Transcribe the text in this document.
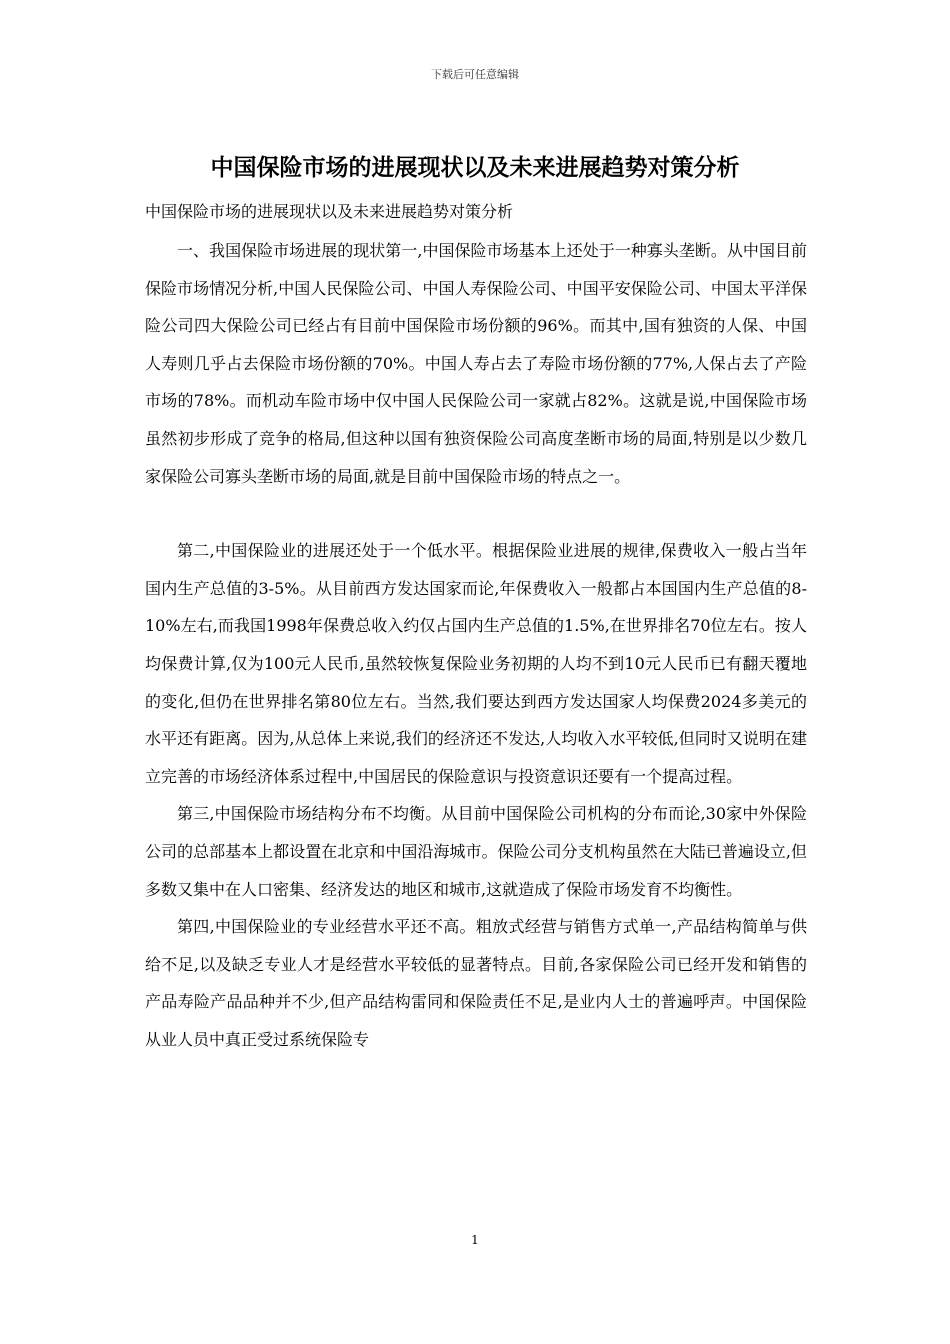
下载后可任意编辑
中国保险市场的进展现状以及未来进展趋势对策分析

中国保险市场的进展现状以及未来进展趋势对策分析

一、我国保险市场进展的现状第一,中国保险市场基本上还处于一种寡头垄断。从中国目前保险市场情况分析,中国人民保险公司、中国人寿保险公司、中国平安保险公司、中国太平洋保险公司四大保险公司已经占有目前中国保险市场份额的96%。而其中,国有独资的人保、中国人寿则几乎占去保险市场份额的70%。中国人寿占去了寿险市场份额的77%,人保占去了产险市场的78%。而机动车险市场中仅中国人民保险公司一家就占82%。这就是说,中国保险市场虽然初步形成了竞争的格局,但这种以国有独资保险公司高度垄断市场的局面,特别是以少数几家保险公司寡头垄断市场的局面,就是目前中国保险市场的特点之一。

第二,中国保险业的进展还处于一个低水平。根据保险业进展的规律,保费收入一般占当年国内生产总值的3-5%。从目前西方发达国家而论,年保费收入一般都占本国国内生产总值的8-10%左右,而我国1998年保费总收入约仅占国内生产总值的1.5%,在世界排名70位左右。按人均保费计算,仅为100元人民币,虽然较恢复保险业务初期的人均不到10元人民币已有翻天覆地的变化,但仍在世界排名第80位左右。当然,我们要达到西方发达国家人均保费2024多美元的水平还有距离。因为,从总体上来说,我们的经济还不发达,人均收入水平较低,但同时又说明在建立完善的市场经济体系过程中,中国居民的保险意识与投资意识还要有一个提高过程。

第三,中国保险市场结构分布不均衡。从目前中国保险公司机构的分布而论,30家中外保险公司的总部基本上都设置在北京和中国沿海城市。保险公司分支机构虽然在大陆已普遍设立,但多数又集中在人口密集、经济发达的地区和城市,这就造成了保险市场发育不均衡性。

第四,中国保险业的专业经营水平还不高。粗放式经营与销售方式单一,产品结构简单与供给不足,以及缺乏专业人才是经营水平较低的显著特点。目前,各家保险公司已经开发和销售的产品寿险产品品种并不少,但产品结构雷同和保险责任不足,是业内人士的普遍呼声。中国保险从业人员中真正受过系统保险专

1
